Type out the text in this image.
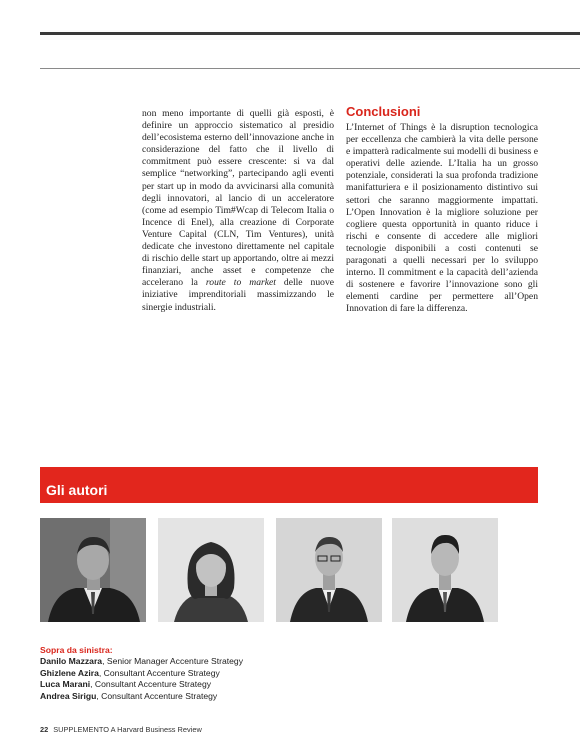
non meno importante di quelli già esposti, è definire un approccio sistematico al presidio dell’ecosistema esterno dell’innovazione anche in considerazione del fatto che il livello di commitment può essere crescente: si va dal semplice “networking”, partecipando agli eventi per start up in modo da avvicinarsi alla comunità degli innovatori, al lancio di un acceleratore (come ad esempio Tim#Wcap di Telecom Italia o Incence di Enel), alla creazione di Corporate Venture Capital (CLN, Tim Ventures), unità dedicate che investono direttamente nel capitale di rischio delle start up apportando, oltre ai mezzi finanziari, anche asset e competenze che accelerano la route to market delle nuove iniziative imprenditoriali massimizzando le sinergie industriali.

Conclusioni

L’Internet of Things è la disruption tecnologica per eccellenza che cambierà la vita delle persone e impatterà radicalmente sui modelli di business e operativi delle aziende. L’Italia ha un grosso potenziale, considerati la sua profonda tradizione manifatturiera e il posizionamento distintivo sui settori che saranno maggiormente impattati. L’Open Innovation è la migliore soluzione per cogliere questa opportunità in quanto riduce i rischi e consente di accedere alle migliori tecnologie disponibili a costi contenuti se paragonati a quelli necessari per lo sviluppo interno. Il commitment e la capacità dell’azienda di sostenere e favorire l’innovazione sono gli elementi cardine per permettere all’Open Innovation di fare la differenza.

Gli autori
Sopra da sinistra:
Danilo Mazzara, Senior Manager Accenture Strategy
Ghizlene Azira, Consultant Accenture Strategy
Luca Marani, Consultant Accenture Strategy
Andrea Sirigu, Consultant Accenture Strategy
22 SUPPLEMENTO A Harvard Business Review
